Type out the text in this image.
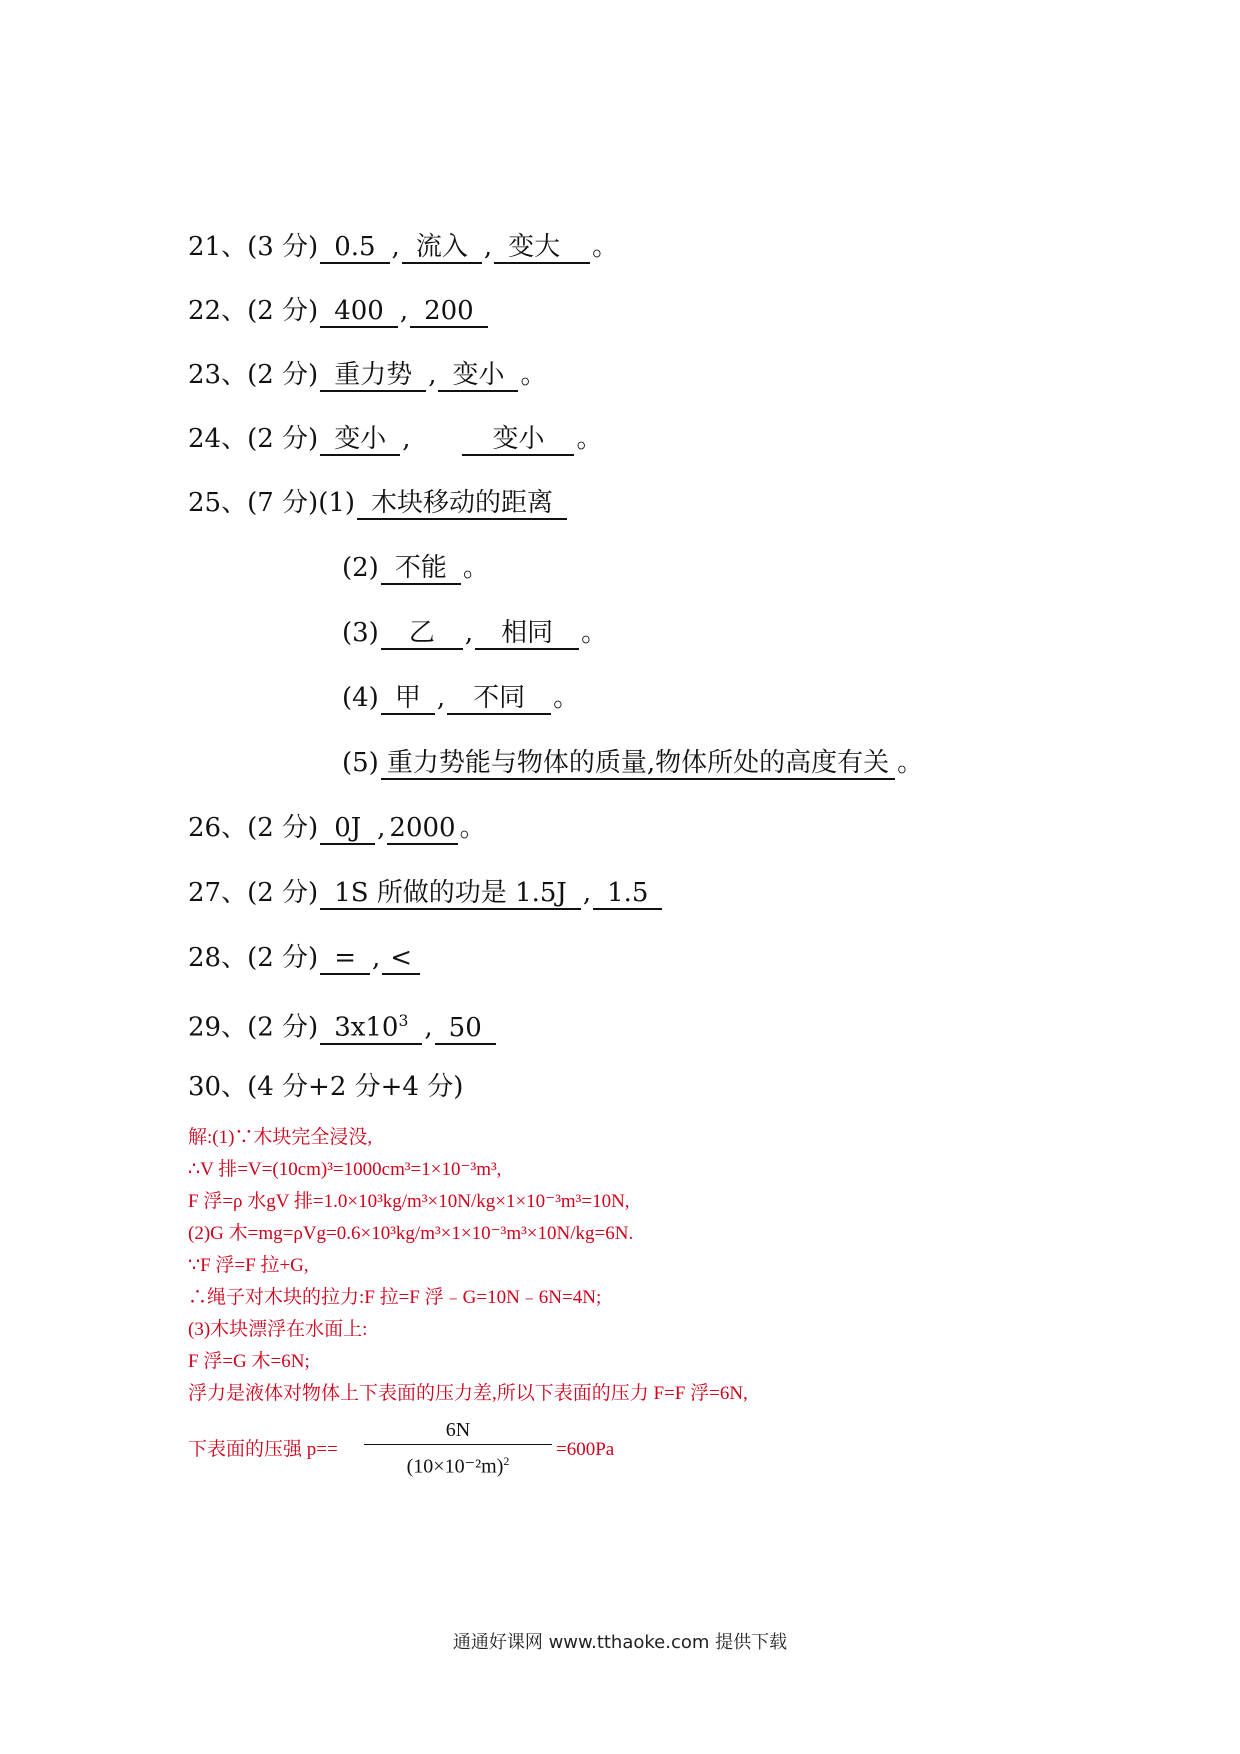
21、(3 分) 0.5 , 流入 , 变大 。
22、(2 分) 400 , 200
23、(2 分) 重力势 , 变小 。
24、(2 分) 变小 ,	变小 。
25、(7 分)(1) 木块移动的距离
(2) 不能 。
(3) 乙 , 相同 。
(4) 甲 , 不同 。
(5) 重力势能与物体的质量,物体所处的高度有关 。
26、(2 分) 0J , 2000 。
27、(2 分) 1S 所做的功是 1.5J , 1.5
28、(2 分) = , <
29、(2 分) $3x10^3$ , 50
30、(4 分+2 分+4 分)
解:(1)∵木块完全浸没,
∴V 排=V=(10cm)³=1000cm³=1×10⁻³m³,
F 浮=ρ 水gV 排=1.0×10³kg/m³×10N/kg×1×10⁻³m³=10N,
(2)G 木=mg=ρVg=0.6×10³kg/m³×1×10⁻³m³×10N/kg=6N.
∵F 浮=F 拉+G,
∴绳子对木块的拉力:F 拉=F 浮﹣G=10N﹣6N=4N;
(3)木块漂浮在水面上:
F 浮=G 木=6N;
浮力是液体对物体上下表面的压力差,所以下表面的压力 F=F 浮=6N,
下表面的压强 p==
6N
$(10\times 10^{-2}m)^2$
=600Pa
通通好课网 www.tthaoke.com 提供下载
